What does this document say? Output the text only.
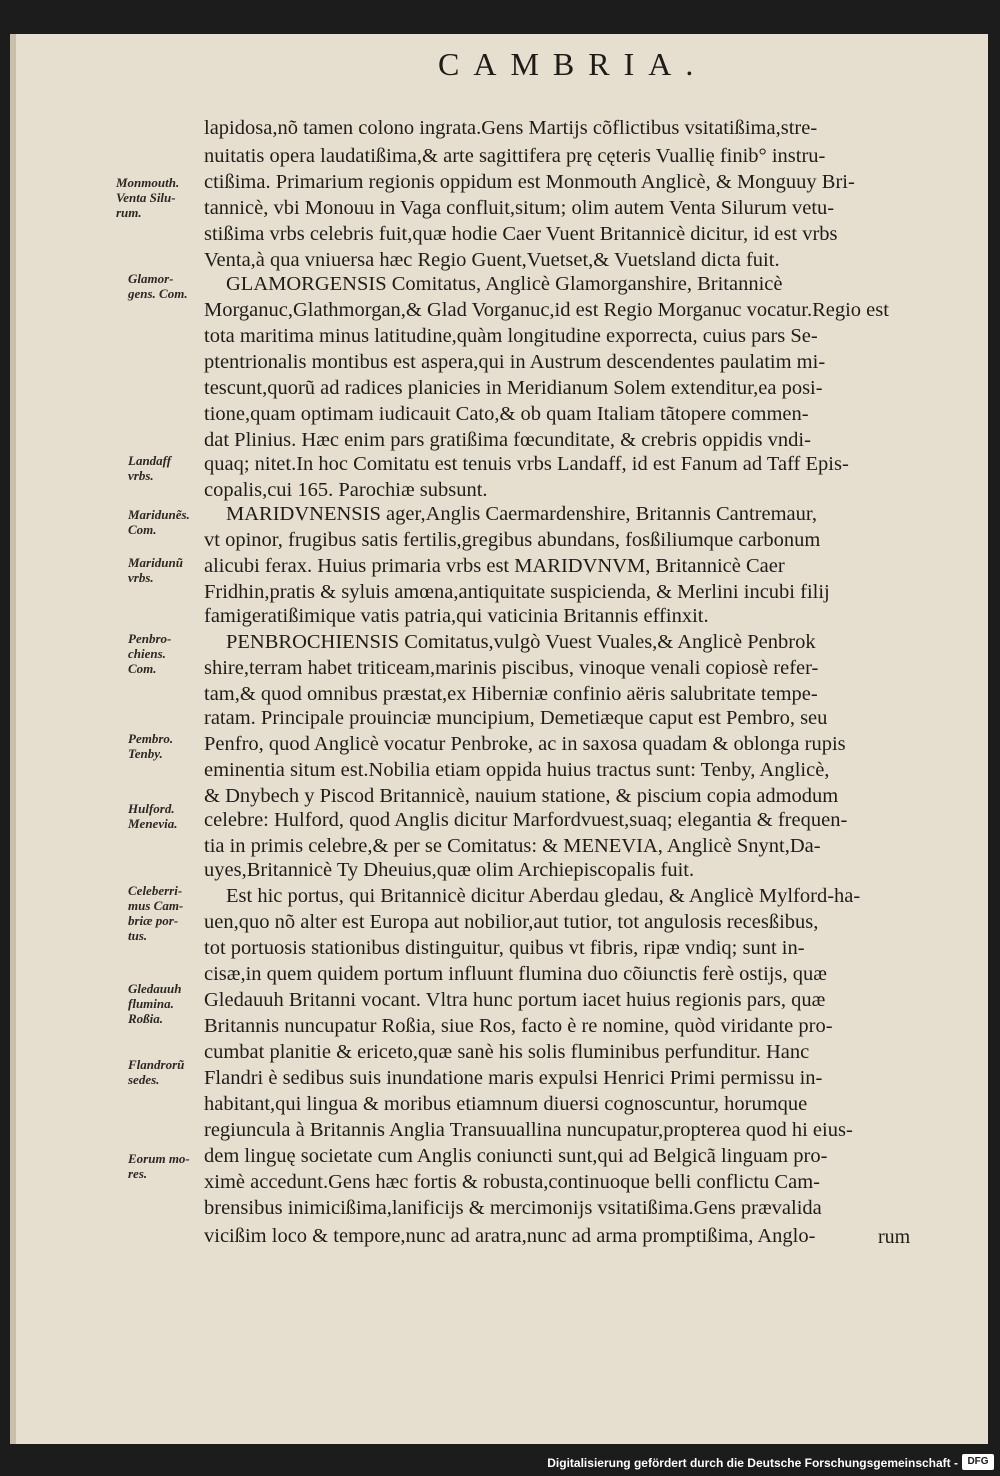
CAMBRIA.
lapidosa,nõ tamen colono ingrata.Gens Martijs cõflictibus vsitatißima,stre-
nuitatis opera laudatißima,& arte sagittifera prę cęteris Vuallię finib° instru-
ctißima. Primarium regionis oppidum est Monmouth Anglicè, & Monguuy Bri-
tannicè, vbi Monouu in Vaga confluit,situm; olim autem Venta Silurum vetu-
stißima vrbs celebris fuit,quæ hodie Caer Vuent Britannicè dicitur, id est vrbs
Venta,à qua vniuersa hæc Regio Guent,Vuetset,& Vuetsland dicta fuit.
GLAMORGENSIS Comitatus, Anglicè Glamorganshire, Britannicè
Morganuc,Glathmorgan,& Glad Vorganuc,id est Regio Morganuc vocatur.Regio est
tota maritima minus latitudine,quàm longitudine exporrecta, cuius pars Se-
ptentrionalis montibus est aspera,qui in Austrum descendentes paulatim mi-
tescunt,quorũ ad radices planicies in Meridianum Solem extenditur,ea posi-
tione,quam optimam iudicauit Cato,& ob quam Italiam tãtopere commen-
dat Plinius. Hæc enim pars gratißima fœcunditate, & crebris oppidis vndi-
quaq; nitet.In hoc Comitatu est tenuis vrbs Landaff, id est Fanum ad Taff Epis-
copalis,cui 165. Parochiæ subsunt.
MARIDVNENSIS ager,Anglis Caermardenshire, Britannis Cantremaur,
vt opinor, frugibus satis fertilis,gregibus abundans, fosßiliumque carbonum
alicubi ferax. Huius primaria vrbs est MARIDVNVM, Britannicè Caer
Fridhin,pratis & syluis amœna,antiquitate suspicienda, & Merlini incubi filij
famigeratißimique vatis patria,qui vaticinia Britannis effinxit.
PENBROCHIENSIS Comitatus,vulgò Vuest Vuales,& Anglicè Penbrok
shire,terram habet triticeam,marinis piscibus, vinoque venali copiosè refer-
tam,& quod omnibus præstat,ex Hiberniæ confinio aëris salubritate tempe-
ratam. Principale prouinciæ muncipium, Demetiæque caput est Pembro, seu
Penfro, quod Anglicè vocatur Penbroke, ac in saxosa quadam & oblonga rupis
eminentia situm est.Nobilia etiam oppida huius tractus sunt: Tenby, Anglicè,
& Dnybech y Piscod Britannicè, nauium statione, & piscium copia admodum
celebre: Hulford, quod Anglis dicitur Marfordvuest,suaq; elegantia & frequen-
tia in primis celebre,& per se Comitatus: & MENEVIA, Anglicè Snynt,Da-
uyes,Britannicè Ty Dheuius,quæ olim Archiepiscopalis fuit.
Est hic portus, qui Britannicè dicitur Aberdau gledau, & Anglicè Mylford-ha-
uen,quo nõ alter est Europa aut nobilior,aut tutior, tot angulosis recesßibus,
tot portuosis stationibus distinguitur, quibus vt fibris, ripæ vndiq; sunt in-
cisæ,in quem quidem portum influunt flumina duo cõiunctis ferè ostijs, quæ
Gledauuh Britanni vocant. Vltra hunc portum iacet huius regionis pars, quæ
Britannis nuncupatur Roßia, siue Ros, facto è re nomine, quòd viridante pro-
cumbat planitie & ericeto,quæ sanè his solis fluminibus perfunditur. Hanc
Flandri è sedibus suis inundatione maris expulsi Henrici Primi permissu in-
habitant,qui lingua & moribus etiamnum diuersi cognoscuntur, horumque
regiuncula à Britannis Anglia Transuuallina nuncupatur,propterea quod hi eius-
dem linguę societate cum Anglis coniuncti sunt,qui ad Belgicã linguam pro-
ximè accedunt.Gens hæc fortis & robusta,continuoque belli conflictu Cam-
brensibus inimicißima,lanificijs & mercimonijs vsitatißima.Gens prævalida
vicißim loco & tempore,nunc ad aratra,nunc ad arma promptißima, Anglo-
Monmouth.
Venta Silu-
rum.
Glamor-
gens. Com.
Landaff
vrbs.
Maridunẽs.
Com.
Maridunũ
vrbs.
Penbro-
chiens.
Com.
Pembro.
Tenby.
Hulford.
Menevia.
Celeberri-
mus Cam-
briæ por-
tus.
Gledauuh
flumina.
Roßia.
Flandrorũ
sedes.
Eorum mo-
res.
rum
Digitalisierung gefördert durch die Deutsche Forschungsgemeinschaft - DFG
